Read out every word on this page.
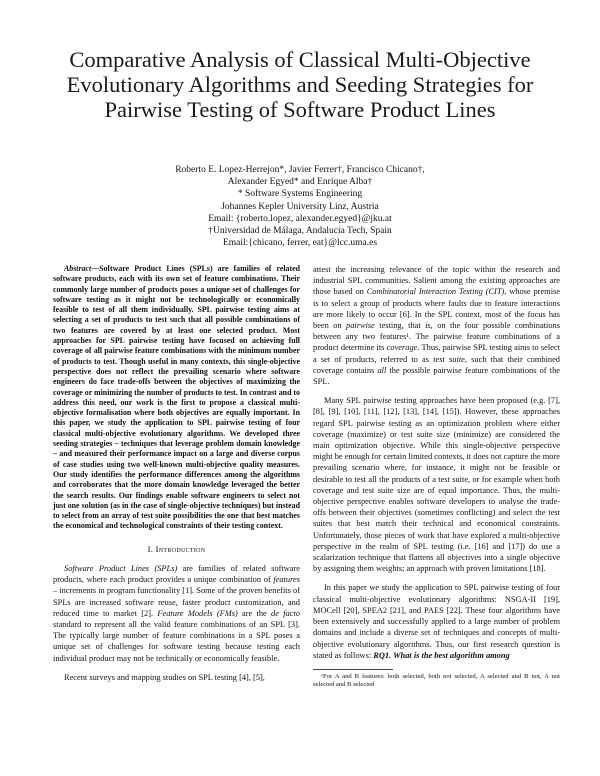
Comparative Analysis of Classical Multi-Objective
Evolutionary Algorithms and Seeding Strategies for
Pairwise Testing of Software Product Lines
Roberto E. Lopez-Herrejon*, Javier Ferrer†, Francisco Chicano†,
Alexander Egyed* and Enrique Alba†
* Software Systems Engineering
Johannes Kepler University Linz, Austria
Email: {roberto.lopez, alexander.egyed}@jku.at
†Universidad de Málaga, Andalucia Tech, Spain
Email:{chicano, ferrer, eat}@lcc.uma.es

Abstract—Software Product Lines (SPLs) are families of related software products, each with its own set of feature combinations. Their commonly large number of products poses a unique set of challenges for software testing as it might not be technologically or economically feasible to test of all them individually. SPL pairwise testing aims at selecting a set of products to test such that all possible combinations of two features are covered by at least one selected product. Most approaches for SPL pairwise testing have focused on achieving full coverage of all pairwise feature combinations with the minimum number of products to test. Though useful in many contexts, this single-objective perspective does not reflect the prevailing scenario where software engineers do face trade-offs between the objectives of maximizing the coverage or minimizing the number of products to test. In contrast and to address this need, our work is the first to propose a classical multi-objective formalisation where both objectives are equally important. In this paper, we study the application to SPL pairwise testing of four classical multi-objective evolutionary algorithms. We developed three seeding strategies – techniques that leverage problem domain knowledge – and measured their performance impact on a large and diverse corpus of case studies using two well-known multi-objective quality measures. Our study identifies the performance differences among the algorithms and corroborates that the more domain knowledge leveraged the better the search results. Our findings enable software engineers to select not just one solution (as in the case of single-objective techniques) but instead to select from an array of test suite possibilities the one that best matches the economical and technological constraints of their testing context.

I. Introduction

Software Product Lines (SPLs) are families of related software products, where each product provides a unique combination of features – increments in program functionality [1]. Some of the proven benefits of SPLs are increased software reuse, faster product customization, and reduced time to market [2]. Feature Models (FMs) are the de facto standard to represent all the valid feature combinations of an SPL [3]. The typically large number of feature combinations in a SPL poses a unique set of challenges for software testing because testing each individual product may not be technically or economically feasible.

Recent surveys and mapping studies on SPL testing [4], [5],

attest the increasing relevance of the topic within the research and industrial SPL communities. Salient among the existing approaches are those based on Combinatorial Interaction Testing (CIT), whose premise is to select a group of products where faults due to feature interactions are more likely to occur [6]. In the SPL context, most of the focus has been on pairwise testing, that is, on the four possible combinations between any two features¹. The pairwise feature combinations of a product determine its coverage. Thus, pairwise SPL testing aims to select a set of products, referred to as test suite, such that their combined coverage contains all the possible pairwise feature combinations of the SPL.

Many SPL pairwise testing approaches have been proposed (e.g. [7], [8], [9], [10], [11], [12], [13], [14], [15]). However, these approaches regard SPL pairwise testing as an optimization problem where either coverage (maximize) or test suite size (minimize) are considered the main optimization objective. While this single-objective perspective might be enough for certain limited contexts, it does not capture the more prevailing scenario where, for instance, it might not be feasible or desirable to test all the products of a test suite, or for example when both coverage and test suite size are of equal importance. Thus, the multi-objective perspective enables software developers to analyse the trade-offs between their objectives (sometimes conflicting) and select the test suites that best match their technical and economical constraints. Unfortunately, those pieces of work that have explored a multi-objective perspective in the realm of SPL testing (i.e. [16] and [17]) do use a scalarization technique that flattens all objectives into a single objective by assigning them weights; an approach with proven limitations [18].

In this paper we study the application to SPL pairwise testing of four classical multi-objective evolutionary algorithms: NSGA-II [19], MOCell [20], SPEA2 [21], and PAES [22]. These four algorithms have been extensively and successfully applied to a large number of problem domains and include a diverse set of techniques and concepts of multi-objective evolutionary algorithms. Thus, our first research question is stated as follows: RQ1. What is the best algorithm among

¹For A and B features: both selected, both not selected, A selected and B not, A not selected and B selected
